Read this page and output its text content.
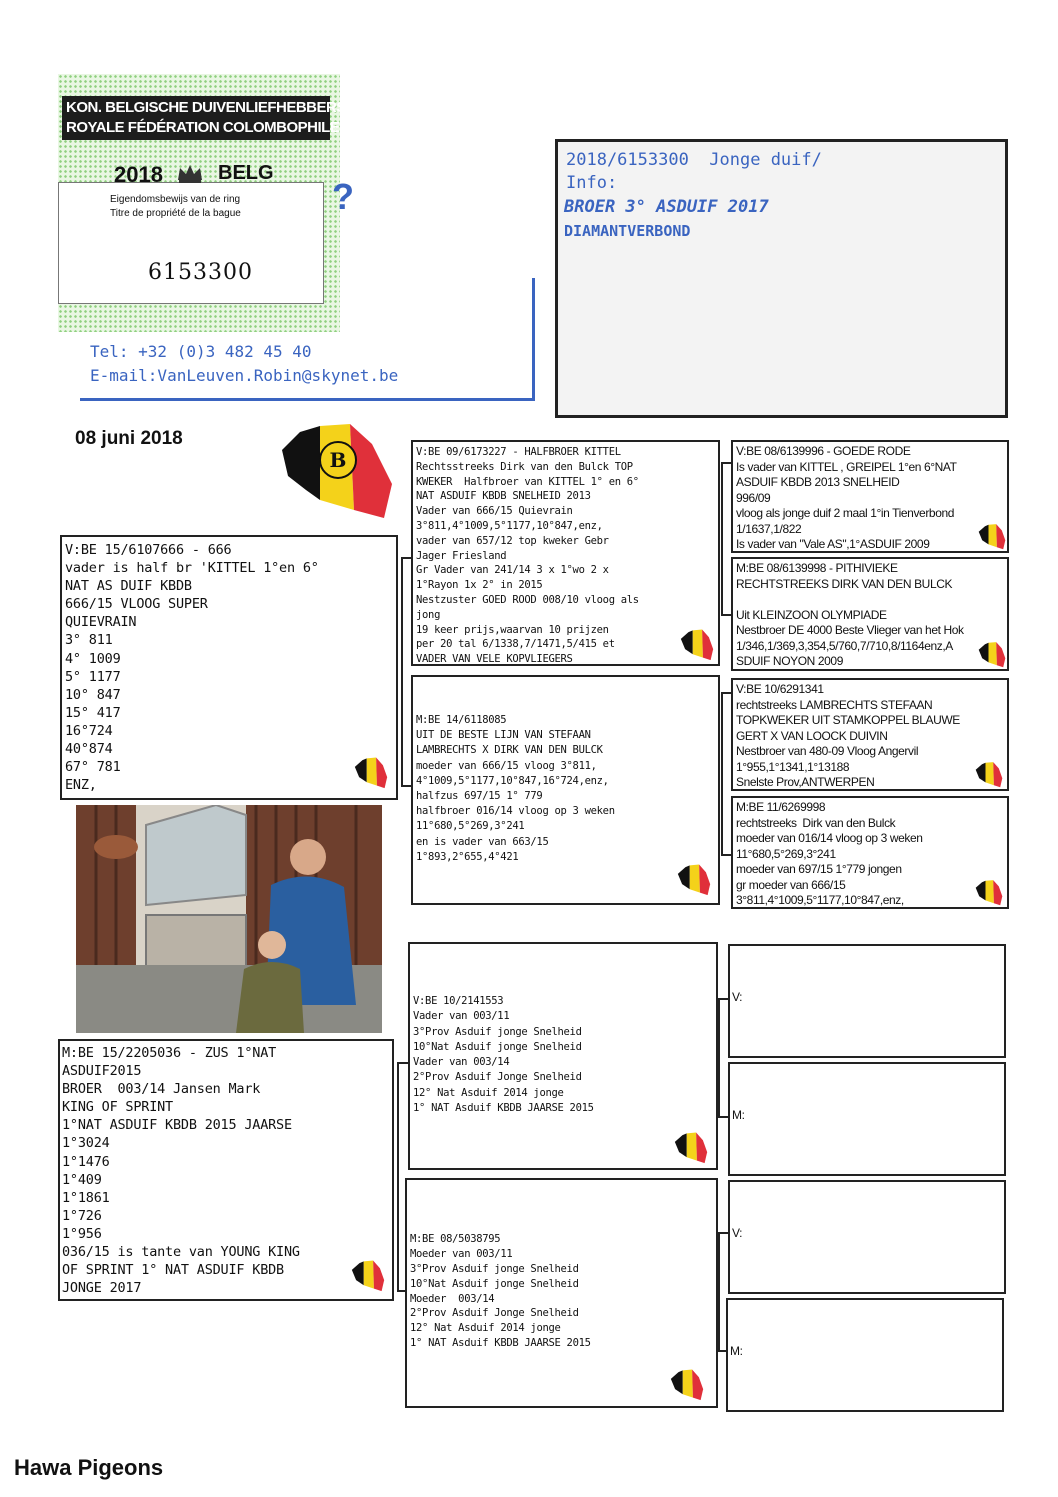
KON. BELGISCHE DUIVENLIEFHEBBERSBOND
ROYALE FÉDÉRATION COLOMBOPHILE BELGE
2018	BELG
Eigendomsbewijs van de ring
Titre de propriété de la bague
6153300
Tel: +32 (0)3 482 45 40
E-mail:VanLeuven.Robin@skynet.be
?
2018/6153300  Jonge duif/
Info:
BROER 3° ASDUIF 2017
DIAMANTVERBOND
08 juni 2018
B
V:BE 15/6107666 - 666
vader is half br 'KITTEL 1°en 6°
NAT AS DUIF KBDB
666/15 VLOOG SUPER
QUIEVRAIN
3° 811
4° 1009
5° 1177
10° 847
15° 417
16°724
40°874
67° 781
ENZ,
M:BE 15/2205036 - ZUS 1°NAT
ASDUIF2015
BROER  003/14 Jansen Mark
KING OF SPRINT
1°NAT ASDUIF KBDB 2015 JAARSE
1°3024
1°1476
1°409
1°1861
1°726
1°956
036/15 is tante van YOUNG KING
OF SPRINT 1° NAT ASDUIF KBDB
JONGE 2017
V:BE 09/6173227 - HALFBROER KITTEL
Rechtsstreeks Dirk van den Bulck TOP
KWEKER  Halfbroer van KITTEL 1° en 6°
NAT ASDUIF KBDB SNELHEID 2013
Vader van 666/15 Quievrain
3°811,4°1009,5°1177,10°847,enz,
vader van 657/12 top kweker Gebr
Jager Friesland
Gr Vader van 241/14 3 x 1°wo 2 x
1°Rayon 1x 2° in 2015
Nestzuster GOED ROOD 008/10 vloog als
jong
19 keer prijs,waarvan 10 prijzen
per 20 tal 6/1338,7/1471,5/415 et
VADER VAN VELE KOPVLIEGERS
M:BE 14/6118085
UIT DE BESTE LIJN VAN STEFAAN
LAMBRECHTS X DIRK VAN DEN BULCK
moeder van 666/15 vloog 3°811,
4°1009,5°1177,10°847,16°724,enz,
halfzus 697/15 1° 779
halfbroer 016/14 vloog op 3 weken
11°680,5°269,3°241
en is vader van 663/15
1°893,2°655,4°421
V:BE 10/2141553
Vader van 003/11
3°Prov Asduif jonge Snelheid
10°Nat Asduif jonge Snelheid
Vader van 003/14
2°Prov Asduif Jonge Snelheid
12° Nat Asduif 2014 jonge
1° NAT Asduif KBDB JAARSE 2015
M:BE 08/5038795
Moeder van 003/11
3°Prov Asduif jonge Snelheid
10°Nat Asduif jonge Snelheid
Moeder  003/14
2°Prov Asduif Jonge Snelheid
12° Nat Asduif 2014 jonge
1° NAT Asduif KBDB JAARSE 2015
V:BE 08/6139996 - GOEDE RODE
Is vader van KITTEL , GREIPEL 1°en 6°NAT
ASDUIF KBDB 2013 SNELHEID
996/09
vloog als jonge duif 2 maal 1°in Tienverbond
1/1637,1/822
Is vader van "Vale AS",1°ASDUIF 2009
M:BE 08/6139998 - PITHIVIEKE
RECHTSTREEKS DIRK VAN DEN BULCK
Uit KLEINZOON OLYMPIADE
Nestbroer DE 4000 Beste Vlieger van het Hok
1/346,1/369,3,354,5/760,7/710,8/1164enz,A
SDUIF NOYON 2009
V:BE 10/6291341
rechtstreeks LAMBRECHTS STEFAAN
TOPKWEKER UIT STAMKOPPEL BLAUWE
GERT X VAN LOOCK DUIVIN
Nestbroer van 480-09 Vloog Angervil
1°955,1°1341,1°13188
Snelste Prov,ANTWERPEN
M:BE 11/6269998
rechtstreeks  Dirk van den Bulck
moeder van 016/14 vloog op 3 weken
11°680,5°269,3°241
moeder van 697/15 1°779 jongen
gr moeder van 666/15
3°811,4°1009,5°1177,10°847,enz,
V:
M:
V:
M:
Hawa Pigeons
